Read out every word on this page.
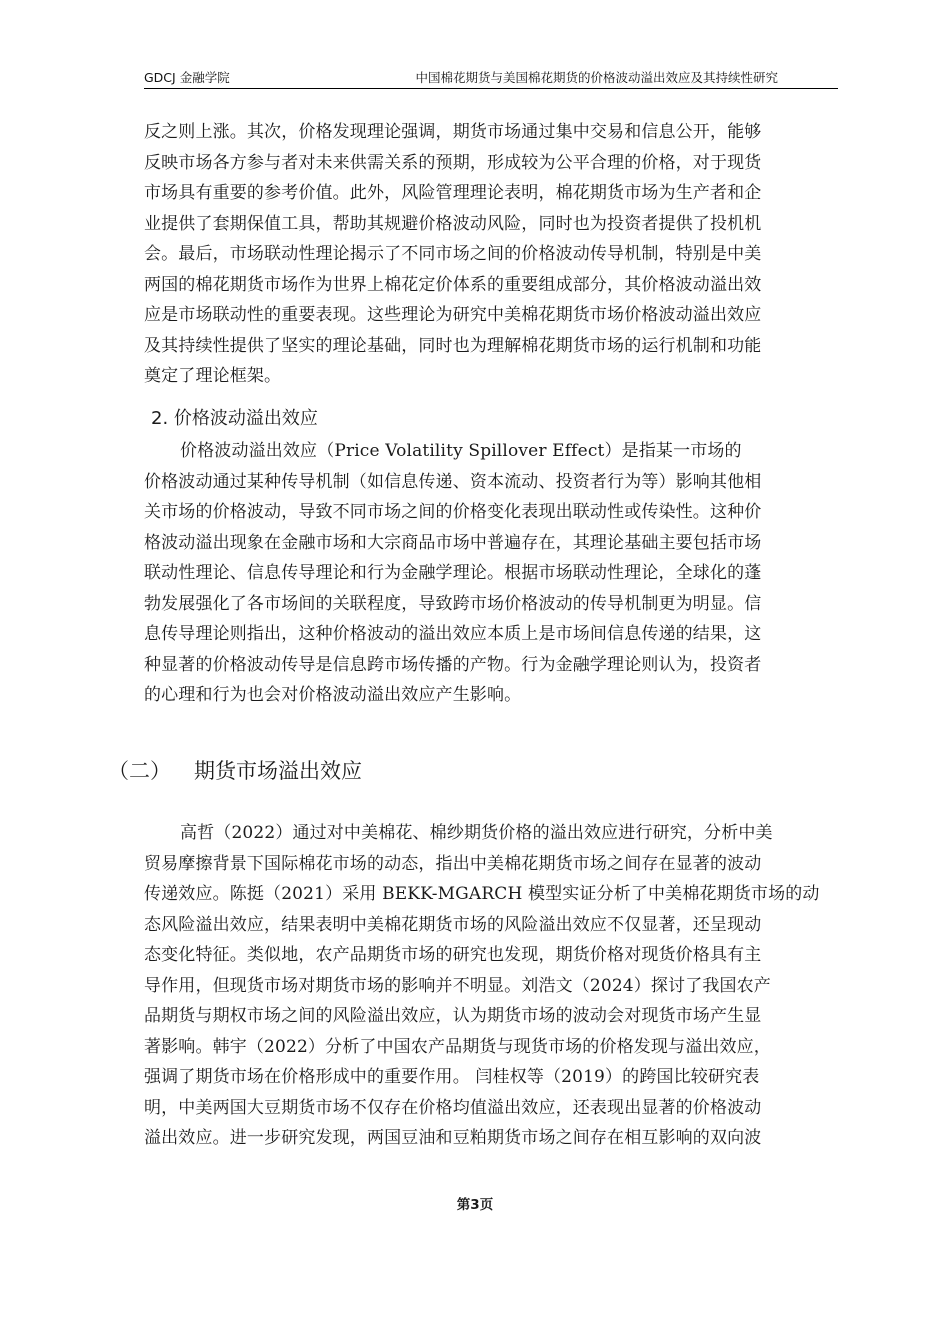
GDCJ 金融学院	中国棉花期货与美国棉花期货的价格波动溢出效应及其持续性研究
反之则上涨。其次，价格发现理论强调，期货市场通过集中交易和信息公开，能够
反映市场各方参与者对未来供需关系的预期，形成较为公平合理的价格，对于现货
市场具有重要的参考价值。此外，风险管理理论表明，棉花期货市场为生产者和企
业提供了套期保值工具，帮助其规避价格波动风险，同时也为投资者提供了投机机
会。最后，市场联动性理论揭示了不同市场之间的价格波动传导机制，特别是中美
两国的棉花期货市场作为世界上棉花定价体系的重要组成部分，其价格波动溢出效
应是市场联动性的重要表现。这些理论为研究中美棉花期货市场价格波动溢出效应
及其持续性提供了坚实的理论基础，同时也为理解棉花期货市场的运行机制和功能
奠定了理论框架。
2. 价格波动溢出效应
价格波动溢出效应（Price Volatility Spillover Effect）是指某一市场的
价格波动通过某种传导机制（如信息传递、资本流动、投资者行为等）影响其他相
关市场的价格波动，导致不同市场之间的价格变化表现出联动性或传染性。这种价
格波动溢出现象在金融市场和大宗商品市场中普遍存在，其理论基础主要包括市场
联动性理论、信息传导理论和行为金融学理论。根据市场联动性理论，全球化的蓬
勃发展强化了各市场间的关联程度，导致跨市场价格波动的传导机制更为明显。信
息传导理论则指出，这种价格波动的溢出效应本质上是市场间信息传递的结果，这
种显著的价格波动传导是信息跨市场传播的产物。行为金融学理论则认为，投资者
的心理和行为也会对价格波动溢出效应产生影响。
（二） 期货市场溢出效应
高哲（2022）通过对中美棉花、棉纱期货价格的溢出效应进行研究，分析中美
贸易摩擦背景下国际棉花市场的动态，指出中美棉花期货市场之间存在显著的波动
传递效应。陈挺（2021）采用 BEKK-MGARCH 模型实证分析了中美棉花期货市场的动
态风险溢出效应，结果表明中美棉花期货市场的风险溢出效应不仅显著，还呈现动
态变化特征。类似地，农产品期货市场的研究也发现，期货价格对现货价格具有主
导作用，但现货市场对期货市场的影响并不明显。刘浩文（2024）探讨了我国农产
品期货与期权市场之间的风险溢出效应，认为期货市场的波动会对现货市场产生显
著影响。韩宇（2022）分析了中国农产品期货与现货市场的价格发现与溢出效应，
强调了期货市场在价格形成中的重要作用。 闫桂权等（2019）的跨国比较研究表
明，中美两国大豆期货市场不仅存在价格均值溢出效应，还表现出显著的价格波动
溢出效应。进一步研究发现，两国豆油和豆粕期货市场之间存在相互影响的双向波
第3页
